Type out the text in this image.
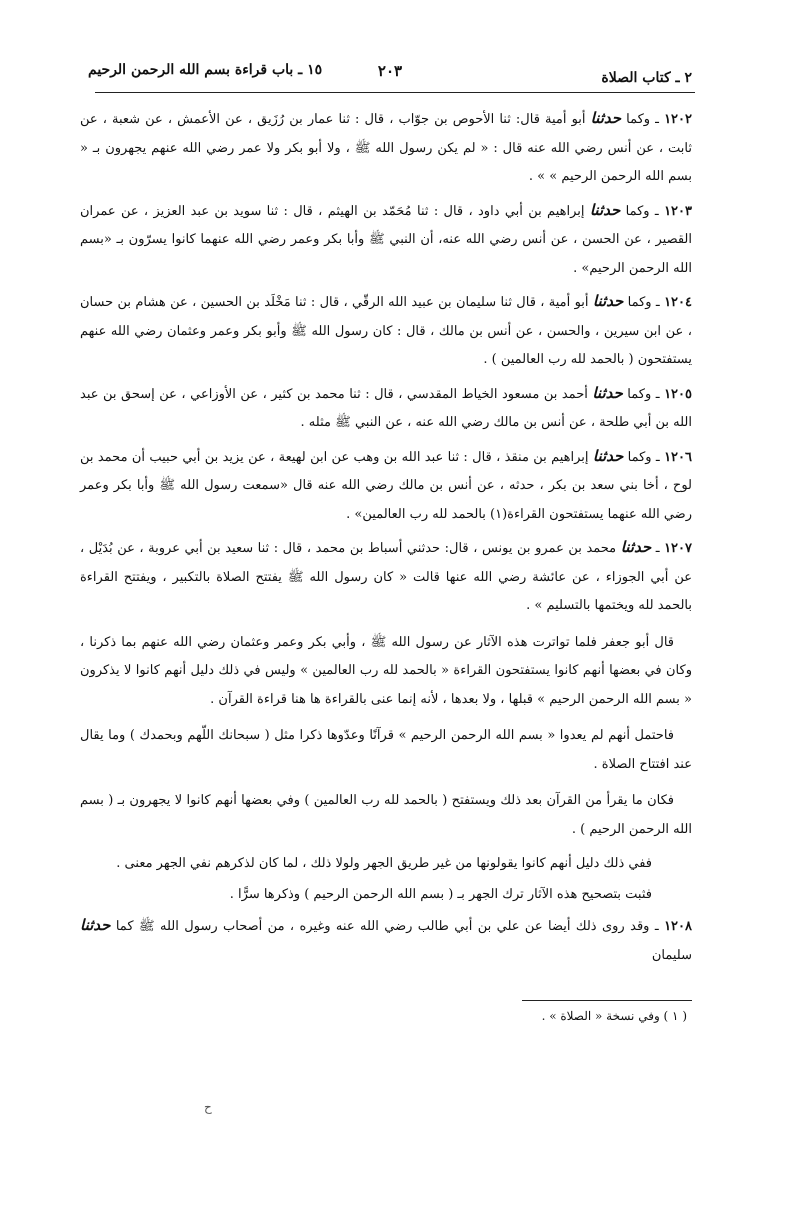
٢ ـ كتاب الصلاة
٢٠٣
١٥ ـ باب قراءة بسم الله الرحمن الرحيم

١٢٠٢ ـ وكما حدثنا أبو أمية قال: ثنا الأحوص بن جوّاب ، قال : ثنا عمار بن رُزَيق ، عن الأعمش ، عن شعبة ، عن ثابت ، عن أنس رضي الله عنه قال : « لم يكن رسول الله ﷺ ، ولا أبو بكر ولا عمر رضي الله عنهم يجهرون بـ « بسم الله الرحمن الرحيم » » .

١٢٠٣ ـ وكما حدثنا إبراهيم بن أبي داود ، قال : ثنا مُحَمّد بن الهيثم ، قال : ثنا سويد بن عبد العزيز ، عن عمران القصير ، عن الحسن ، عن أنس رضي الله عنه، أن النبي ﷺ وأبا بكر وعمر رضي الله عنهما كانوا يسرّون بـ «بسم الله الرحمن الرحيم» .

١٢٠٤ ـ وكما حدثنا أبو أمية ، قال ثنا سليمان بن عبيد الله الرقّي ، قال : ثنا مَخْلَد بن الحسين ، عن هشام بن حسان ، عن ابن سيرين ، والحسن ، عن أنس بن مالك ، قال : كان رسول الله ﷺ وأبو بكر وعمر وعثمان رضي الله عنهم يستفتحون ( بالحمد لله رب العالمين ) .

١٢٠٥ ـ وكما حدثنا أحمد بن مسعود الخياط المقدسي ، قال : ثنا محمد بن كثير ، عن الأوزاعي ، عن إسحق بن عبد الله بن أبي طلحة ، عن أنس بن مالك رضي الله عنه ، عن النبي ﷺ مثله .

١٢٠٦ ـ وكما حدثنا إبراهيم بن منقذ ، قال : ثنا عبد الله بن وهب عن ابن لهيعة ، عن يزيد بن أبي حبيب أن محمد بن لوح ، أخا بني سعد بن بكر ، حدثه ، عن أنس بن مالك رضي الله عنه قال «سمعت رسول الله ﷺ وأبا بكر وعمر رضي الله عنهما يستفتحون القراءة(١) بالحمد لله رب العالمين» .

١٢٠٧ ـ حدثنا محمد بن عمرو بن يونس ، قال: حدثني أسباط بن محمد ، قال : ثنا سعيد بن أبي عروبة ، عن بُدَيْل ، عن أبي الجوزاء ، عن عائشة رضي الله عنها قالت « كان رسول الله ﷺ يفتتح الصلاة بالتكبير ، ويفتتح القراءة بالحمد لله ويختمها بالتسليم » .

قال أبو جعفر فلما تواترت هذه الآثار عن رسول الله ﷺ ، وأبي بكر وعمر وعثمان رضي الله عنهم بما ذكرنا ، وكان في بعضها أنهم كانوا يستفتحون القراءة « بالحمد لله رب العالمين » وليس في ذلك دليل أنهم كانوا لا يذكرون « بسم الله الرحمن الرحيم » قبلها ، ولا بعدها ، لأنه إنما عنى بالقراءة ها هنا قراءة القرآن .

فاحتمل أنهم لم يعدوا « بسم الله الرحمن الرحيم » قرآنًا وعدّوها ذكرا مثل ( سبحانك اللّهم وبحمدك ) وما يقال عند افتتاح الصلاة .

فكان ما يقرأ من القرآن بعد ذلك ويستفتح ( بالحمد لله رب العالمين ) وفي بعضها أنهم كانوا لا يجهرون بـ ( بسم الله الرحمن الرحيم ) .

ففي ذلك دليل أنهم كانوا يقولونها من غير طريق الجهر ولولا ذلك ، لما كان لذكرهم نفي الجهر معنى .

فثبت بتصحيح هذه الآثار ترك الجهر بـ ( بسم الله الرحمن الرحيم ) وذكرها سرًّا .

١٢٠٨ ـ وقد روى ذلك أيضا عن علي بن أبي طالب رضي الله عنه وغيره ، من أصحاب رسول الله ﷺ كما حدثنا سليمان

( ١ ) وفي نسخة « الصلاة » .
ح
